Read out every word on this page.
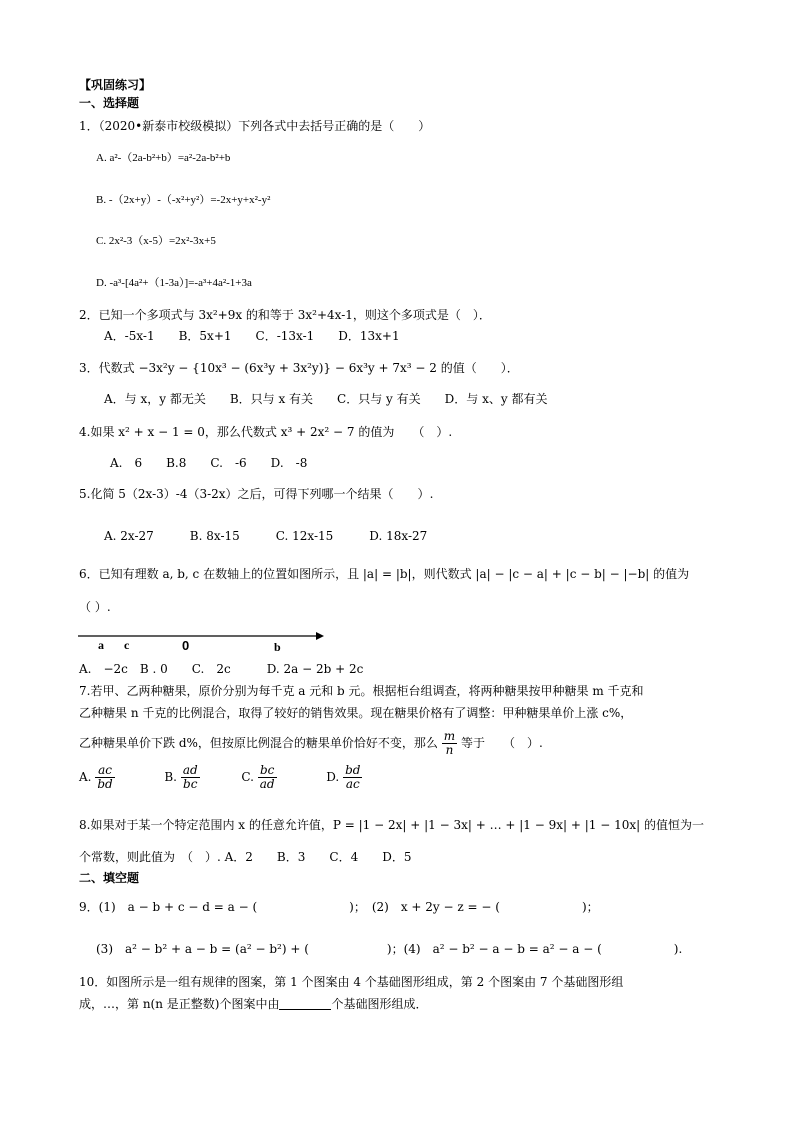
【巩固练习】
一、选择题
1．（2020•新泰市校级模拟）下列各式中去括号正确的是（　　）
A. a²-（2a-b²+b）=a²-2a-b²+b
B. -（2x+y）-（-x²+y²）=-2x+y+x²-y²
C. 2x²-3（x-5）=2x²-3x+5
D. -a³-[4a²+（1-3a）]=-a³+4a²-1+3a
2．已知一个多项式与 3x²+9x 的和等于 3x²+4x-1，则这个多项式是（　）．
A．-5x-1　　B．5x+1　　C．-13x-1　　D．13x+1
3．代数式 −3x²y − {10x³ − (6x³y + 3x²y)} − 6x³y + 7x³ − 2 的值（　　）．
A．与 x，y 都无关　　B．只与 x 有关　　C．只与 y 有关　　D．与 x、y 都有关
4.如果 x² + x − 1 = 0，那么代数式 x³ + 2x² − 7 的值为　　（　）.
A.　6　　B.8　　C.　-6　　D.　-8
5.化简 5（2x-3）-4（3-2x）之后，可得下列哪一个结果（　　）.
A. 2x-27　　　B. 8x-15　　　C. 12x-15　　　D. 18x-27
6．已知有理数 a, b, c 在数轴上的位置如图所示，且 |a| = |b|，则代数式 |a| − |c − a| + |c − b| − |−b| 的值为
（ ）.
a c	0	b
A.　−2c　B . 0　　C.　2c　　　D. 2a − 2b + 2c
7.若甲、乙两种糖果，原价分别为每千克 a 元和 b 元。根据柜台组调查，将两种糖果按甲种糖果 m 千克和
乙种糖果 n 千克的比例混合，取得了较好的销售效果。现在糖果价格有了调整：甲种糖果单价上涨 c%，
乙种糖果单价下跌 d%，但按原比例混合的糖果单价恰好不变，那么 $\frac{m}{n}$ 等于　　（　）.
A. $\frac{ac}{bd}$	B. $\frac{ad}{bc}$	C. $\frac{bc}{ad}$	D. $\frac{bd}{ac}$
8.如果对于某一个特定范围内 x 的任意允许值，P = |1 − 2x| + |1 − 3x| + … + |1 − 9x| + |1 − 10x| 的值恒为一
个常数，则此值为　（　）. A．2　　B．3　　C．4　　D．5
二、填空题
9．(1)　a − b + c − d = a − (	)；　(2)　x + 2y − z = − (	)；
(3)　a² − b² + a − b = (a² − b²) + (	)；(4)　a² − b² − a − b = a² − a − (	).
10．如图所示是一组有规律的图案，第 1 个图案由 4 个基础图形组成，第 2 个图案由 7 个基础图形组
成，…，第 n(n 是正整数)个图案中由	个基础图形组成．
